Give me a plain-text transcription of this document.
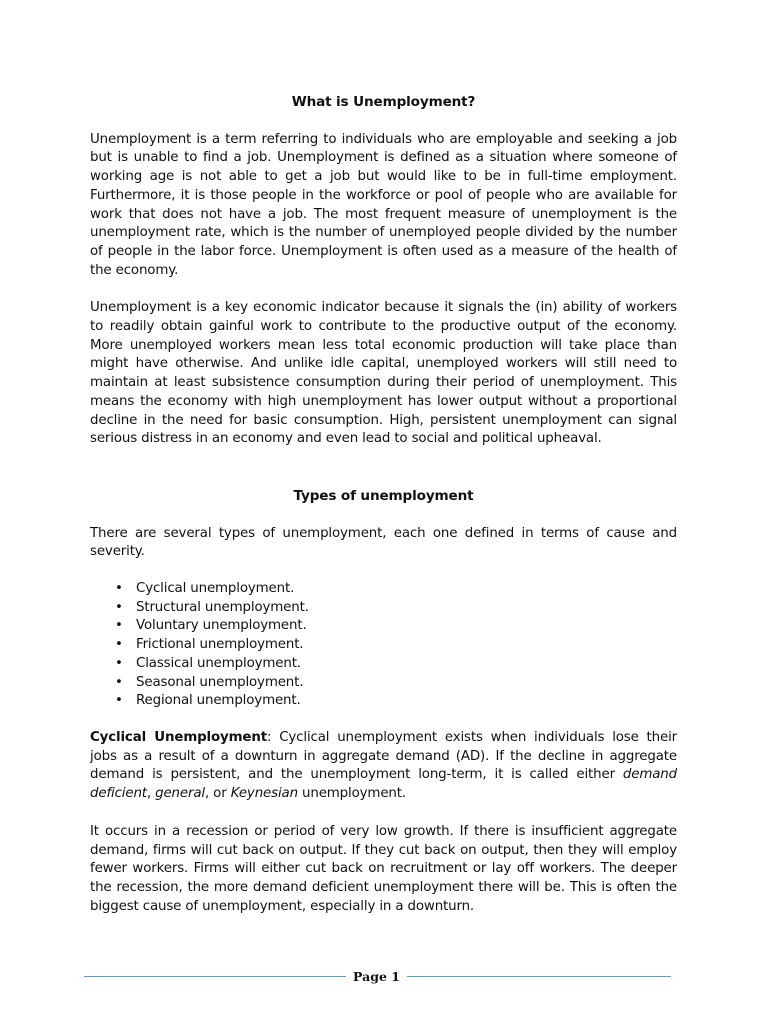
What is Unemployment?

Unemployment is a term referring to individuals who are employable and seeking a job but is unable to find a job. Unemployment is defined as a situation where someone of working age is not able to get a job but would like to be in full-time employment. Furthermore, it is those people in the workforce or pool of people who are available for work that does not have a job. The most frequent measure of unemployment is the unemployment rate, which is the number of unemployed people divided by the number of people in the labor force. Unemployment is often used as a measure of the health of the economy.

Unemployment is a key economic indicator because it signals the (in) ability of workers to readily obtain gainful work to contribute to the productive output of the economy. More unemployed workers mean less total economic production will take place than might have otherwise. And unlike idle capital, unemployed workers will still need to maintain at least subsistence consumption during their period of unemployment. This means the economy with high unemployment has lower output without a proportional decline in the need for basic consumption. High, persistent unemployment can signal serious distress in an economy and even lead to social and political upheaval.

Types of unemployment

There are several types of unemployment, each one defined in terms of cause and severity.

• Cyclical unemployment.
• Structural unemployment.
• Voluntary unemployment.
• Frictional unemployment.
• Classical unemployment.
• Seasonal unemployment.
• Regional unemployment.

Cyclical Unemployment: Cyclical unemployment exists when individuals lose their jobs as a result of a downturn in aggregate demand (AD). If the decline in aggregate demand is persistent, and the unemployment long-term, it is called either demand deficient, general, or Keynesian unemployment.

It occurs in a recession or period of very low growth. If there is insufficient aggregate demand, firms will cut back on output. If they cut back on output, then they will employ fewer workers. Firms will either cut back on recruitment or lay off workers. The deeper the recession, the more demand deficient unemployment there will be. This is often the biggest cause of unemployment, especially in a downturn.

Page 1
